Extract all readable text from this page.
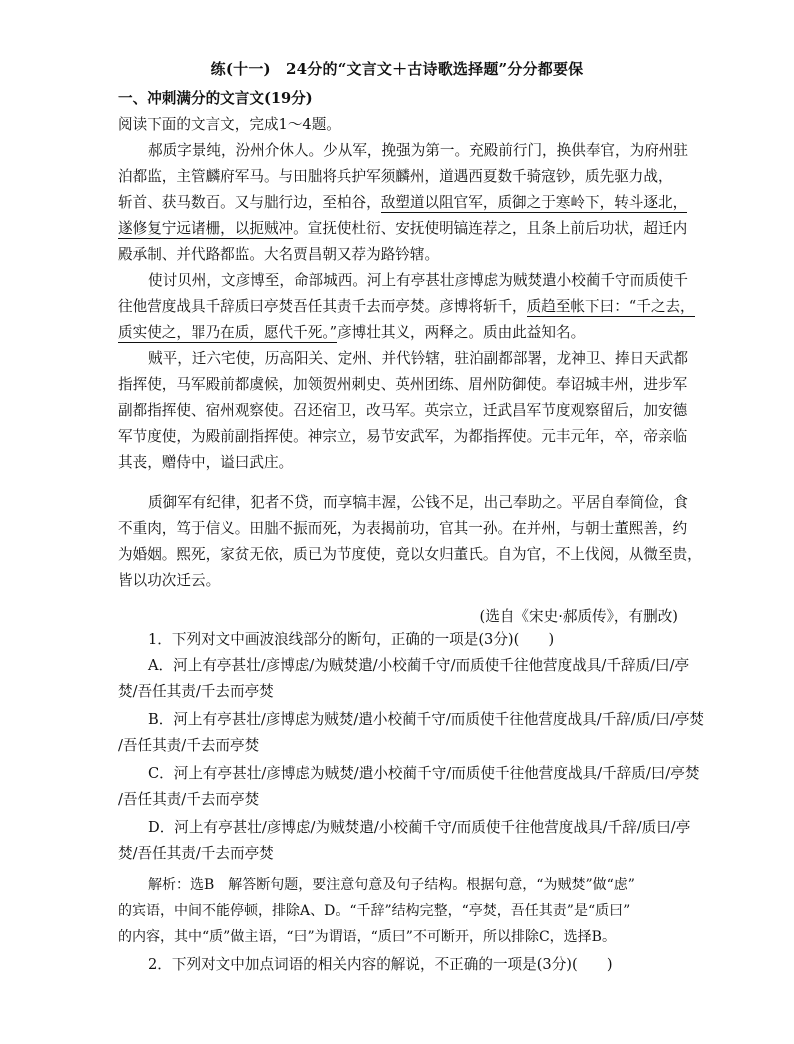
练(十一)　24分的“文言文＋古诗歌选择题”分分都要保
一、冲刺满分的文言文(19分)
阅读下面的文言文，完成1～4题。
郝质字景纯，汾州介休人。少从军，挽强为第一。充殿前行门，换供奉官，为府州驻
泊都监，主管麟府军马。与田朏将兵护军须麟州，道遇西夏数千骑寇钞，质先驱力战，
斩首、获马数百。又与朏行边，至柏谷，敌塑道以阻官军，质御之于寒岭下，转斗逐北，
遂修复宁远诸栅，以扼贼冲。宣抚使杜衍、安抚使明镐连荐之，且条上前后功状，超迁内
殿承制、并代路都监。大名贾昌朝又荐为路钤辖。
使讨贝州，文彦博至，命部城西。河上有亭甚壮彦博虑为贼焚遣小校蔺千守而质使千
往他营度战具千辞质曰亭焚吾任其责千去而亭焚。彦博将斩千，质趋至帐下曰：“千之去，
质实使之，罪乃在质，愿代千死。”彦博壮其义，两释之。质由此益知名。
贼平，迁六宅使，历高阳关、定州、并代钤辖，驻泊副都部署，龙神卫、捧日天武都
指挥使，马军殿前都虞候，加领贺州刺史、英州团练、眉州防御使。奉诏城丰州，进步军
副都指挥使、宿州观察使。召还宿卫，改马军。英宗立，迁武昌军节度观察留后，加安德
军节度使，为殿前副指挥使。神宗立，易节安武军，为都指挥使。元丰元年，卒，帝亲临
其丧，赠侍中，谥曰武庄。
质御军有纪律，犯者不贷，而享犒丰渥，公钱不足，出己奉助之。平居自奉简俭，食
不重肉，笃于信义。田朏不振而死，为表揭前功，官其一孙。在并州，与朝士董熙善，约
为婚姻。熙死，家贫无依，质已为节度使，竟以女归董氏。自为官，不上伐阅，从微至贵，
皆以功次迁云。
(选自《宋史·郝质传》，有删改)
1．下列对文中画波浪线部分的断句，正确的一项是(3分)(　　)
A．河上有亭甚壮/彦博虑/为贼焚遣/小校蔺千守/而质使千往他营度战具/千辞质/曰/亭
焚/吾任其责/千去而亭焚
B．河上有亭甚壮/彦博虑为贼焚/遣小校蔺千守/而质使千往他营度战具/千辞/质/曰/亭焚
/吾任其责/千去而亭焚
C．河上有亭甚壮/彦博虑为贼焚/遣小校蔺千守/而质使千往他营度战具/千辞质/曰/亭焚
/吾任其责/千去而亭焚
D．河上有亭甚壮/彦博虑/为贼焚遣/小校蔺千守/而质使千往他营度战具/千辞/质曰/亭
焚/吾任其责/千去而亭焚
解析：选B　解答断句题，要注意句意及句子结构。根据句意，“为贼焚”做“虑”
的宾语，中间不能停顿，排除A、D。“千辞”结构完整，“亭焚，吾任其责”是“质曰”
的内容，其中“质”做主语，“曰”为谓语，“质曰”不可断开，所以排除C，选择B。
2．下列对文中加点词语的相关内容的解说，不正确的一项是(3分)(　　)
